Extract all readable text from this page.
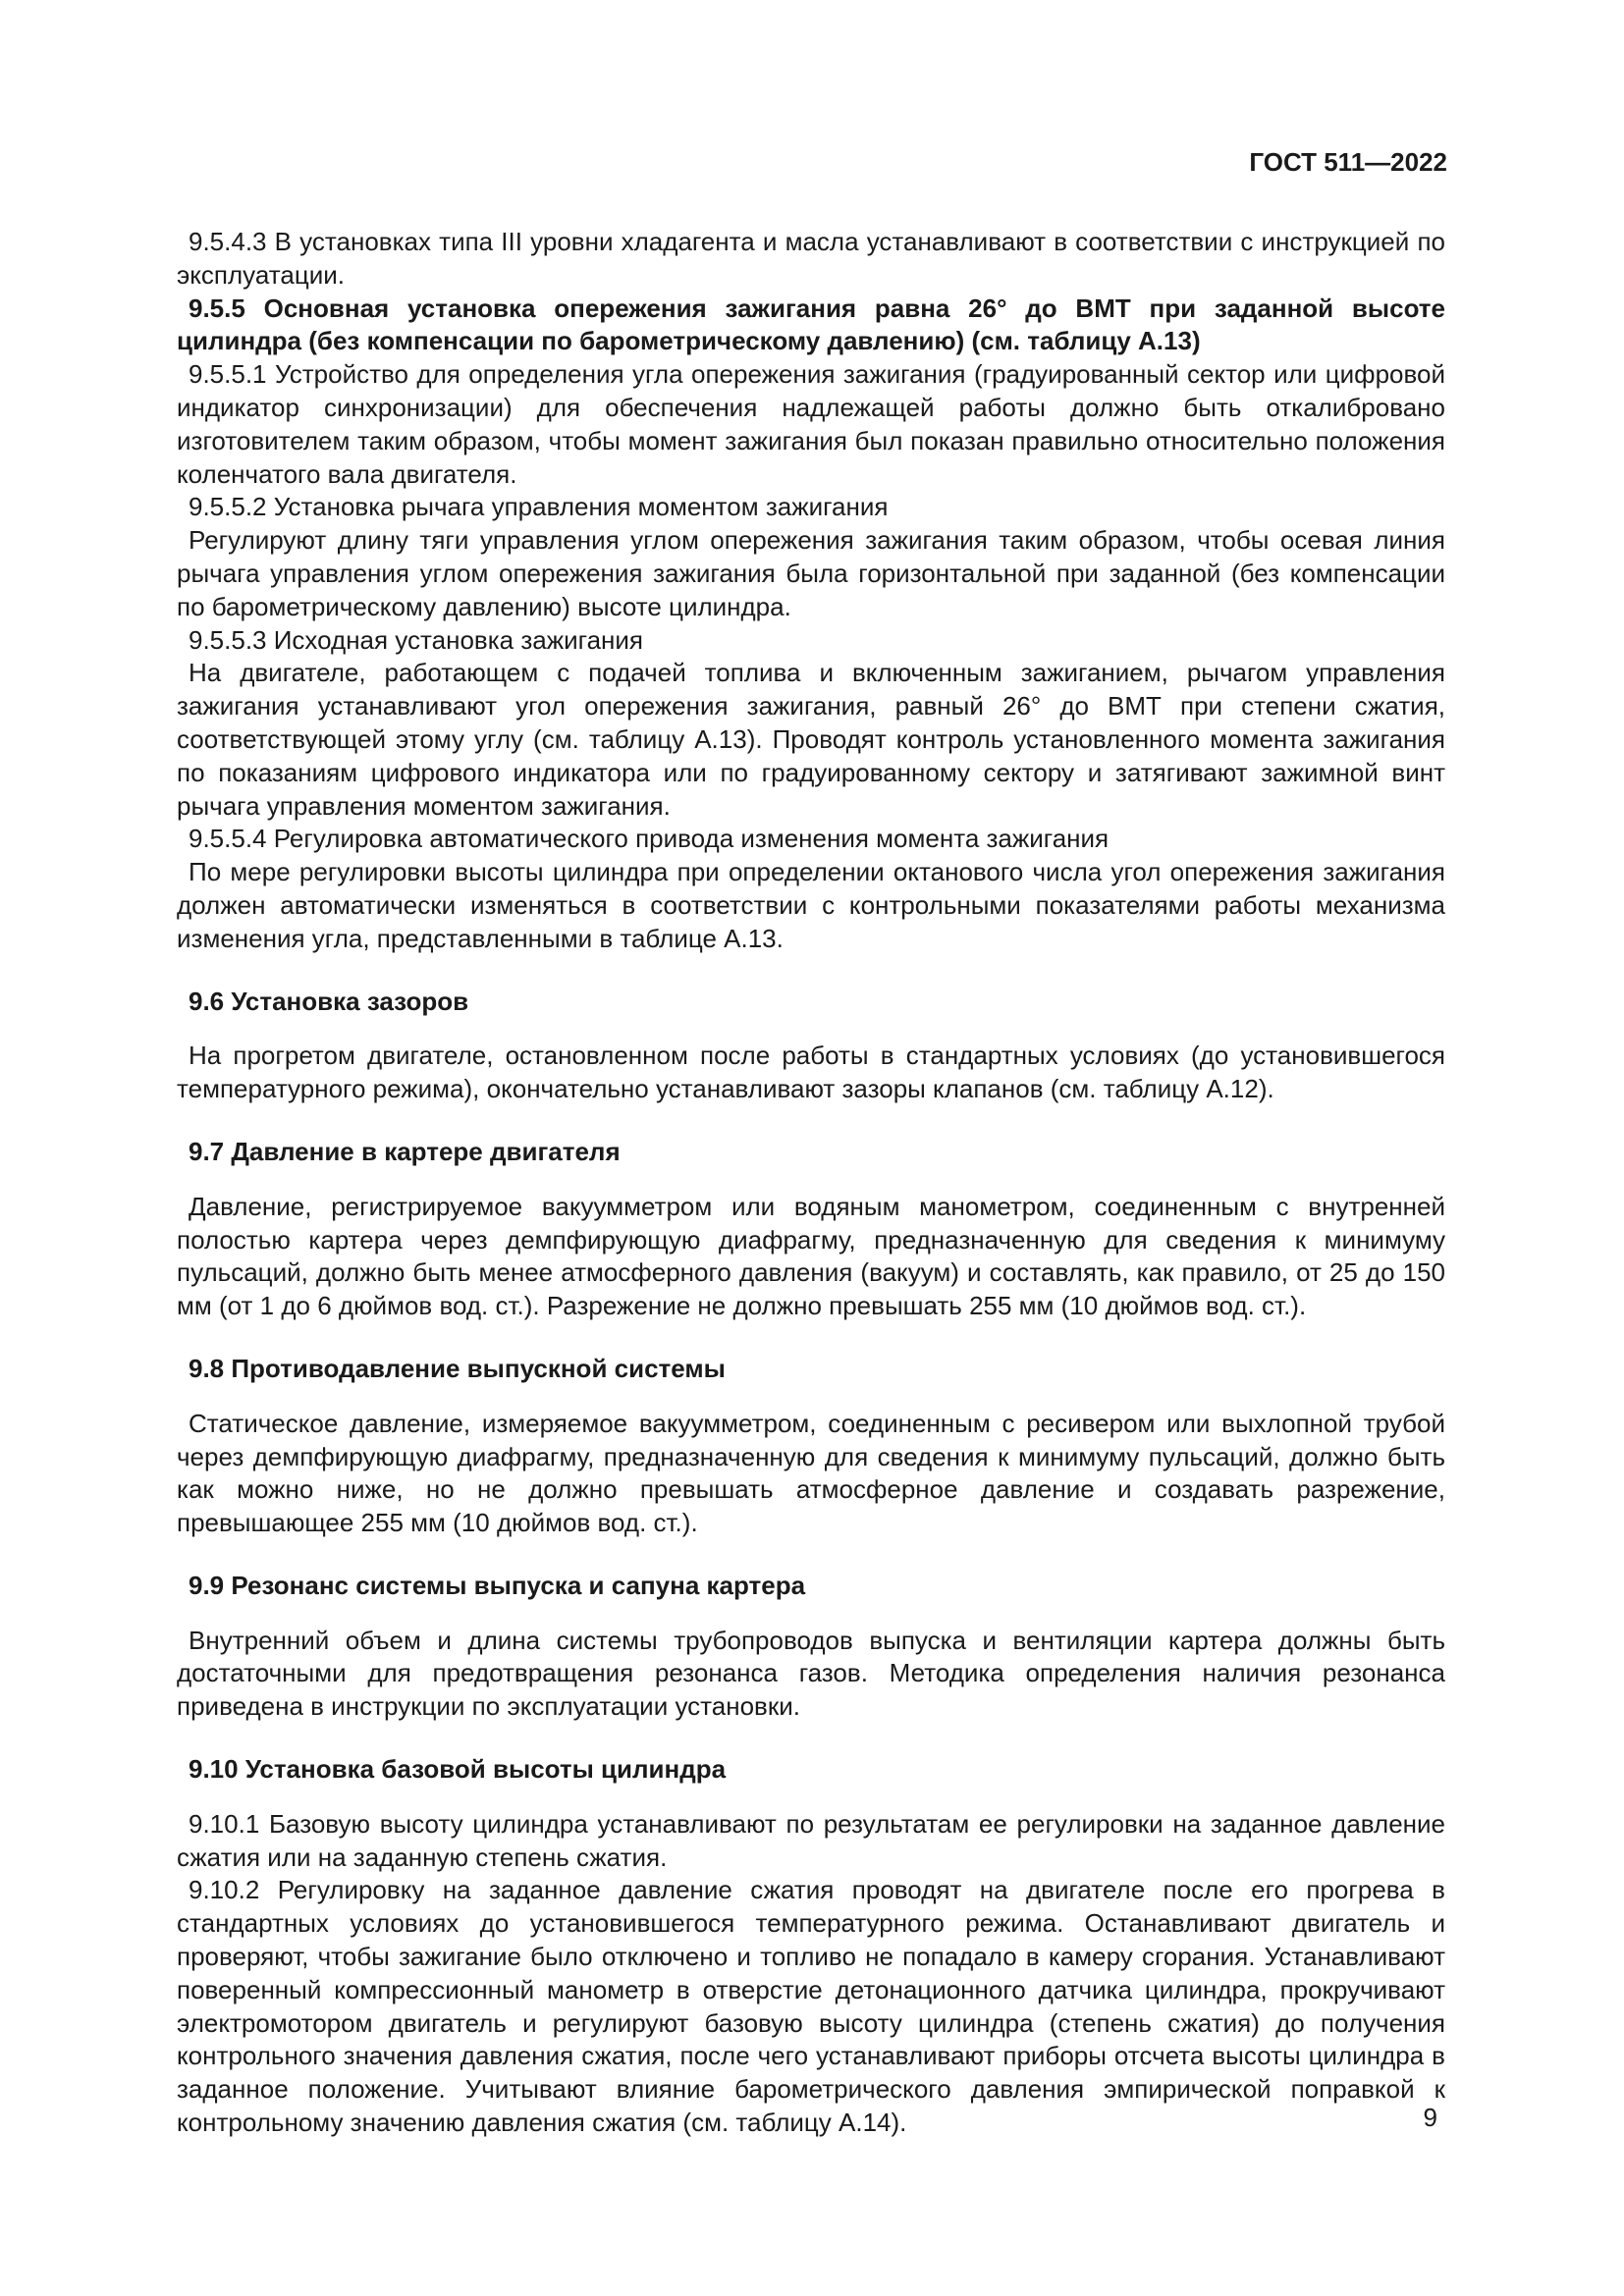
ГОСТ 511—2022

9.5.4.3 В установках типа III уровни хладагента и масла устанавливают в соответствии с инструкцией по эксплуатации.

9.5.5 Основная установка опережения зажигания равна 26° до ВМТ при заданной высоте цилиндра (без компенсации по барометрическому давлению) (см. таблицу А.13)

9.5.5.1 Устройство для определения угла опережения зажигания (градуированный сектор или цифровой индикатор синхронизации) для обеспечения надлежащей работы должно быть откалибровано изготовителем таким образом, чтобы момент зажигания был показан правильно относительно положения коленчатого вала двигателя.

9.5.5.2 Установка рычага управления моментом зажигания

Регулируют длину тяги управления углом опережения зажигания таким образом, чтобы осевая линия рычага управления углом опережения зажигания была горизонтальной при заданной (без компенсации по барометрическому давлению) высоте цилиндра.

9.5.5.3 Исходная установка зажигания

На двигателе, работающем с подачей топлива и включенным зажиганием, рычагом управления зажигания устанавливают угол опережения зажигания, равный 26° до ВМТ при степени сжатия, соответствующей этому углу (см. таблицу А.13). Проводят контроль установленного момента зажигания по показаниям цифрового индикатора или по градуированному сектору и затягивают зажимной винт рычага управления моментом зажигания.

9.5.5.4 Регулировка автоматического привода изменения момента зажигания

По мере регулировки высоты цилиндра при определении октанового числа угол опережения зажигания должен автоматически изменяться в соответствии с контрольными показателями работы механизма изменения угла, представленными в таблице А.13.

9.6 Установка зазоров

На прогретом двигателе, остановленном после работы в стандартных условиях (до установившегося температурного режима), окончательно устанавливают зазоры клапанов (см. таблицу А.12).

9.7 Давление в картере двигателя

Давление, регистрируемое вакуумметром или водяным манометром, соединенным с внутренней полостью картера через демпфирующую диафрагму, предназначенную для сведения к минимуму пульсаций, должно быть менее атмосферного давления (вакуум) и составлять, как правило, от 25 до 150 мм (от 1 до 6 дюймов вод. ст.). Разрежение не должно превышать 255 мм (10 дюймов вод. ст.).

9.8 Противодавление выпускной системы

Статическое давление, измеряемое вакуумметром, соединенным с ресивером или выхлопной трубой через демпфирующую диафрагму, предназначенную для сведения к минимуму пульсаций, должно быть как можно ниже, но не должно превышать атмосферное давление и создавать разрежение, превышающее 255 мм (10 дюймов вод. ст.).

9.9 Резонанс системы выпуска и сапуна картера

Внутренний объем и длина системы трубопроводов выпуска и вентиляции картера должны быть достаточными для предотвращения резонанса газов. Методика определения наличия резонанса приведена в инструкции по эксплуатации установки.

9.10 Установка базовой высоты цилиндра

9.10.1 Базовую высоту цилиндра устанавливают по результатам ее регулировки на заданное давление сжатия или на заданную степень сжатия.

9.10.2 Регулировку на заданное давление сжатия проводят на двигателе после его прогрева в стандартных условиях до установившегося температурного режима. Останавливают двигатель и проверяют, чтобы зажигание было отключено и топливо не попадало в камеру сгорания. Устанавливают поверенный компрессионный манометр в отверстие детонационного датчика цилиндра, прокручивают электромотором двигатель и регулируют базовую высоту цилиндра (степень сжатия) до получения контрольного значения давления сжатия, после чего устанавливают приборы отсчета высоты цилиндра в заданное положение. Учитывают влияние барометрического давления эмпирической поправкой к контрольному значению давления сжатия (см. таблицу А.14).	9
